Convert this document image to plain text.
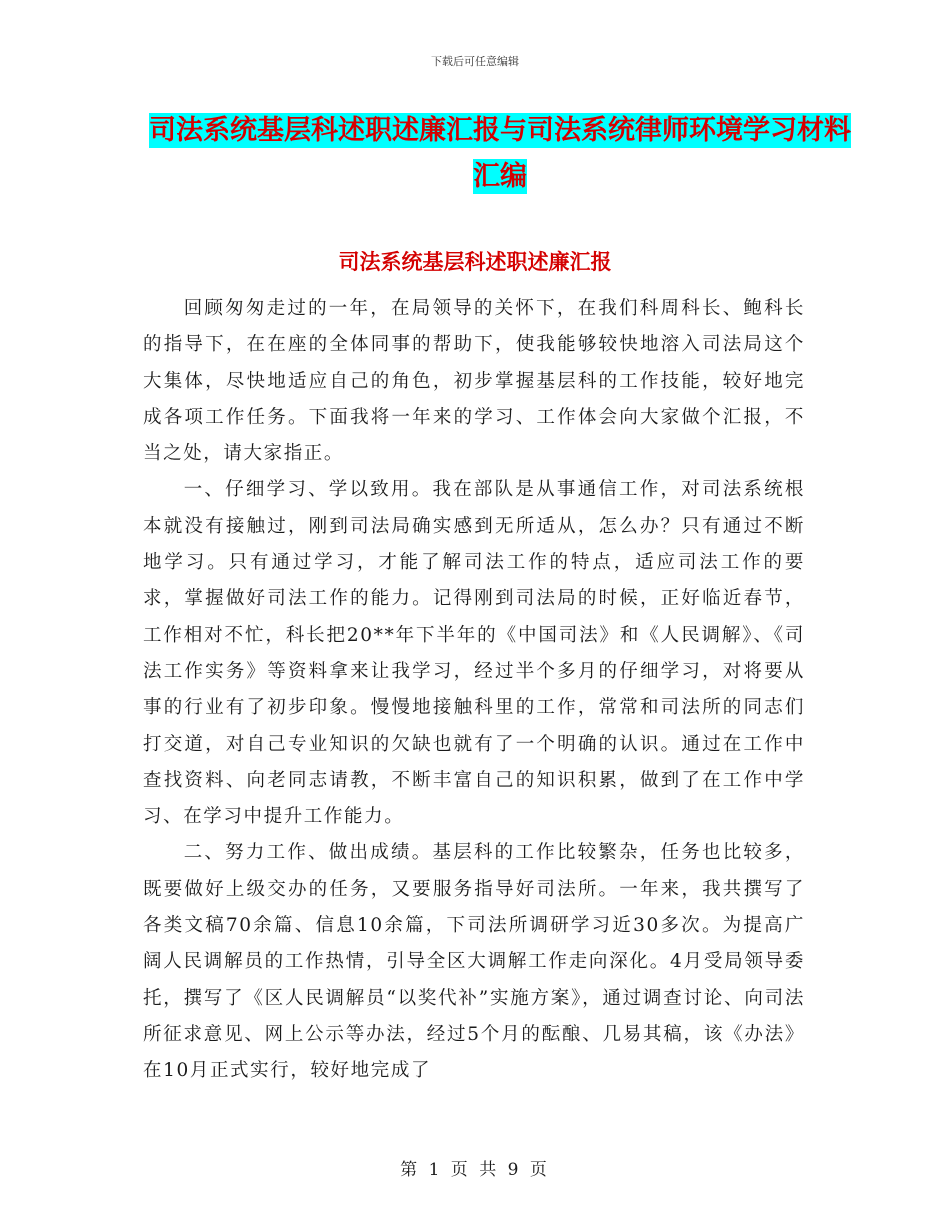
下载后可任意编辑
司法系统基层科述职述廉汇报与司法系统律师环境学习材料汇编
司法系统基层科述职述廉汇报

回顾匆匆走过的一年，在局领导的关怀下，在我们科周科长、鲍科长的指导下，在在座的全体同事的帮助下，使我能够较快地溶入司法局这个大集体，尽快地适应自己的角色，初步掌握基层科的工作技能，较好地完成各项工作任务。下面我将一年来的学习、工作体会向大家做个汇报，不当之处，请大家指正。

一、仔细学习、学以致用。我在部队是从事通信工作，对司法系统根本就没有接触过，刚到司法局确实感到无所适从，怎么办？只有通过不断地学习。只有通过学习，才能了解司法工作的特点，适应司法工作的要求，掌握做好司法工作的能力。记得刚到司法局的时候，正好临近春节，工作相对不忙，科长把20**年下半年的《中国司法》和《人民调解》、《司法工作实务》等资料拿来让我学习，经过半个多月的仔细学习，对将要从事的行业有了初步印象。慢慢地接触科里的工作，常常和司法所的同志们打交道，对自己专业知识的欠缺也就有了一个明确的认识。通过在工作中查找资料、向老同志请教，不断丰富自己的知识积累，做到了在工作中学习、在学习中提升工作能力。

二、努力工作、做出成绩。基层科的工作比较繁杂，任务也比较多，既要做好上级交办的任务，又要服务指导好司法所。一年来，我共撰写了各类文稿70余篇、信息10余篇，下司法所调研学习近30多次。为提高广阔人民调解员的工作热情，引导全区大调解工作走向深化。4月受局领导委托，撰写了《区人民调解员“以奖代补”实施方案》，通过调查讨论、向司法所征求意见、网上公示等办法，经过5个月的酝酿、几易其稿，该《办法》在10月正式实行，较好地完成了

第 1 页 共 9 页
